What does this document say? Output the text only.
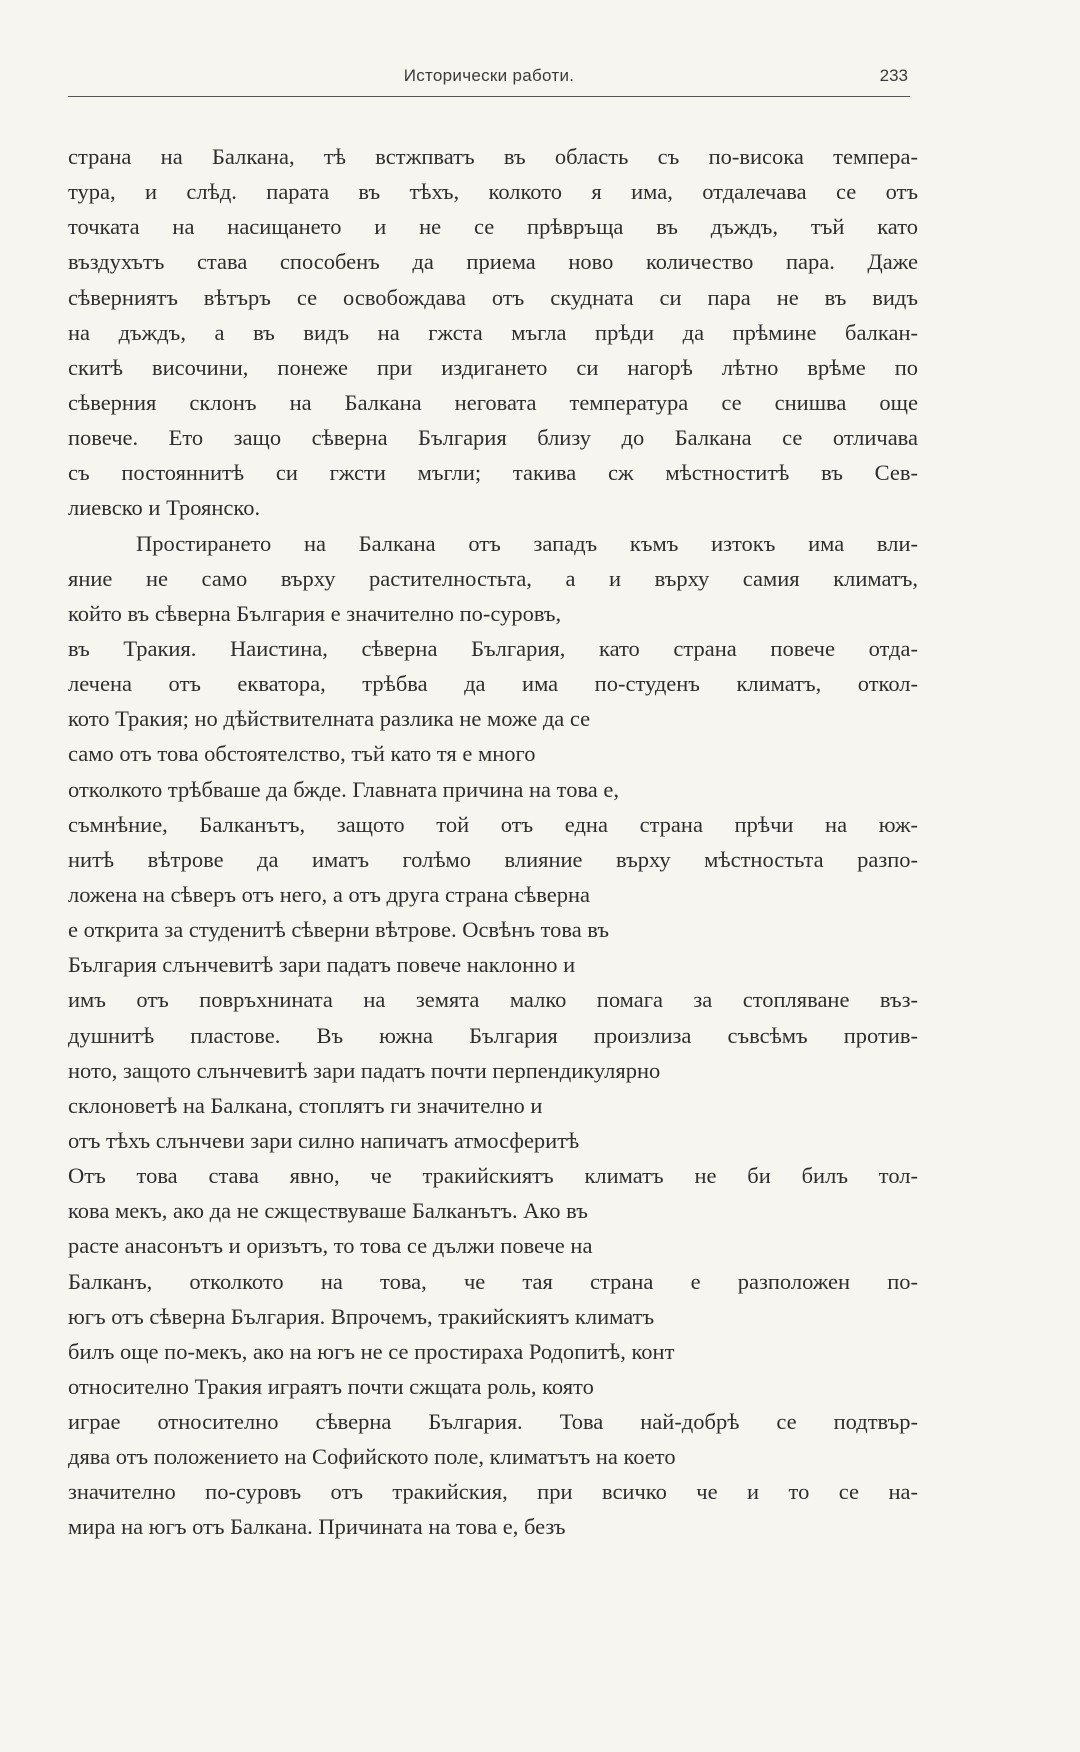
Исторически работи.	233
страна на Балкана, тѣ встжпватъ въ область съ по-висока темпера-
тура, и слѣд. парата въ тѣхъ, колкото я има, отдалечава се отъ
точката на насищането и не се прѣвръща въ дъждъ, тъй като
въздухътъ става способенъ да приема ново количество пара. Даже
сѣверниятъ вѣтъръ се освобождава отъ скудната си пара не въ видъ
на дъждъ, а въ видъ на гжста мъгла прѣди да прѣмине балкан-
скитѣ височини, понеже при издигането си нагорѣ лѣтно врѣме по
сѣверния склонъ на Балкана неговата температура се снишва още
повече. Ето защо сѣверна България близу до Балкана се отличава
съ постояннитѣ си гжсти мъгли; такива сж мѣстноститѣ въ Сев-
лиевско и Троянско.
Простирането на Балкана отъ западъ къмъ изтокъ има вли-
яние не само върху растителностьта, а и върху самия климатъ,
който въ сѣверна България е значително по-суровъ,
въ Тракия. Наистина, сѣверна България, като страна повече отда-
лечена отъ екватора, трѣбва да има по-студенъ климатъ, откол-
кото Тракия; но дѣйствителната разлика не може да се
само отъ това обстоятелство, тъй като тя е много
отколкото трѣбваше да бжде. Главната причина на това е,
съмнѣние, Балканътъ, защото той отъ една страна прѣчи на юж-
нитѣ вѣтрове да иматъ голѣмо влияние върху мѣстностьта разпо-
ложена на сѣверъ отъ него, а отъ друга страна сѣверна
е открита за студенитѣ сѣверни вѣтрове. Освѣнъ това въ
България слънчевитѣ зари падатъ повече наклонно и
имъ отъ повръхнината на земята малко помага за стопляване въз-
душнитѣ пластове. Въ южна България произлиза съвсѣмъ против-
ното, защото слънчевитѣ зари падатъ почти перпендикулярно
склоноветѣ на Балкана, стоплятъ ги значително и
отъ тѣхъ слънчеви зари силно напичатъ атмосферитѣ
Отъ това става явно, че тракийскиятъ климатъ не би билъ тол-
кова мекъ, ако да не сжществуваше Балканътъ. Ако въ
расте анасонътъ и оризътъ, то това се дължи повече на
Балканъ, отколкото на това, че тая страна е разположен по-
югъ отъ сѣверна България. Впрочемъ, тракийскиятъ климатъ
билъ още по-мекъ, ако на югъ не се простираха Родопитѣ, конт
относително Тракия играятъ почти сжщата роль, която
играе относително сѣверна България. Това най-добрѣ се подтвър-
дява отъ положението на Софийското поле, климатътъ на което
значително по-суровъ отъ тракийския, при всичко че и то се на-
мира на югъ отъ Балкана. Причината на това е, безъ
